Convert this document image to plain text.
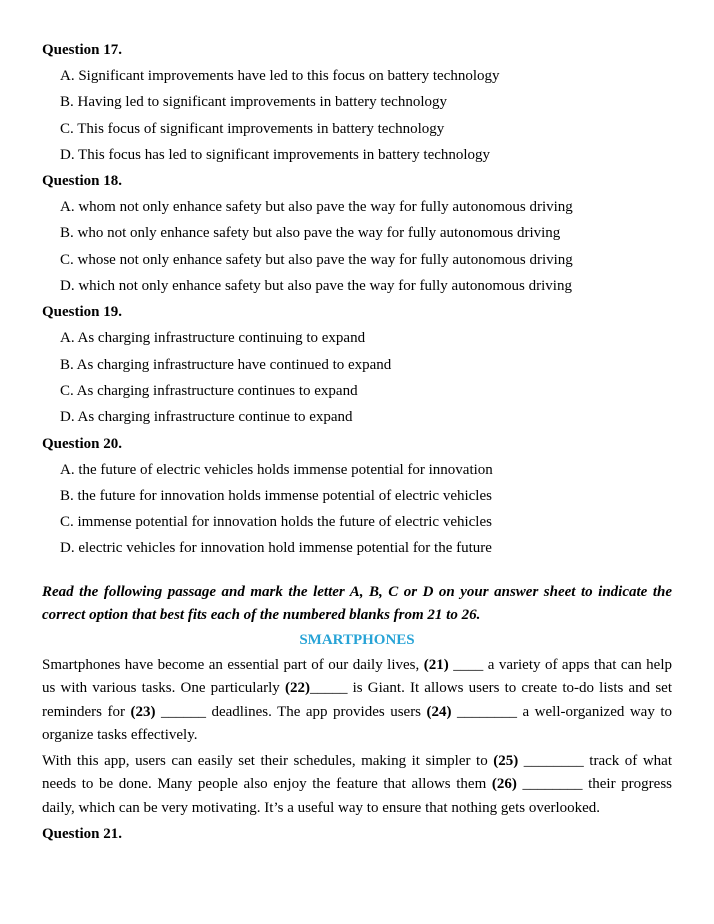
Question 17.
A. Significant improvements have led to this focus on battery technology
B. Having led to significant improvements in battery technology
C. This focus of significant improvements in battery technology
D. This focus has led to significant improvements in battery technology
Question 18.
A. whom not only enhance safety but also pave the way for fully autonomous driving
B. who not only enhance safety but also pave the way for fully autonomous driving
C. whose not only enhance safety but also pave the way for fully autonomous driving
D. which not only enhance safety but also pave the way for fully autonomous driving
Question 19.
A. As charging infrastructure continuing to expand
B. As charging infrastructure have continued to expand
C. As charging infrastructure continues to expand
D. As charging infrastructure continue to expand
Question 20.
A. the future of electric vehicles holds immense potential for innovation
B. the future for innovation holds immense potential of electric vehicles
C. immense potential for innovation holds the future of electric vehicles
D. electric vehicles for innovation hold immense potential for the future
Read the following passage and mark the letter A, B, C or D on your answer sheet to indicate the correct option that best fits each of the numbered blanks from 21 to 26.
SMARTPHONES
Smartphones have become an essential part of our daily lives, (21) ____ a variety of apps that can help us with various tasks. One particularly (22)_____ is Giant. It allows users to create to-do lists and set reminders for (23) ______ deadlines. The app provides users (24) ________ a well-organized way to organize tasks effectively.
With this app, users can easily set their schedules, making it simpler to (25) ________ track of what needs to be done. Many people also enjoy the feature that allows them (26) ________ their progress daily, which can be very motivating. It’s a useful way to ensure that nothing gets overlooked.
Question 21.
